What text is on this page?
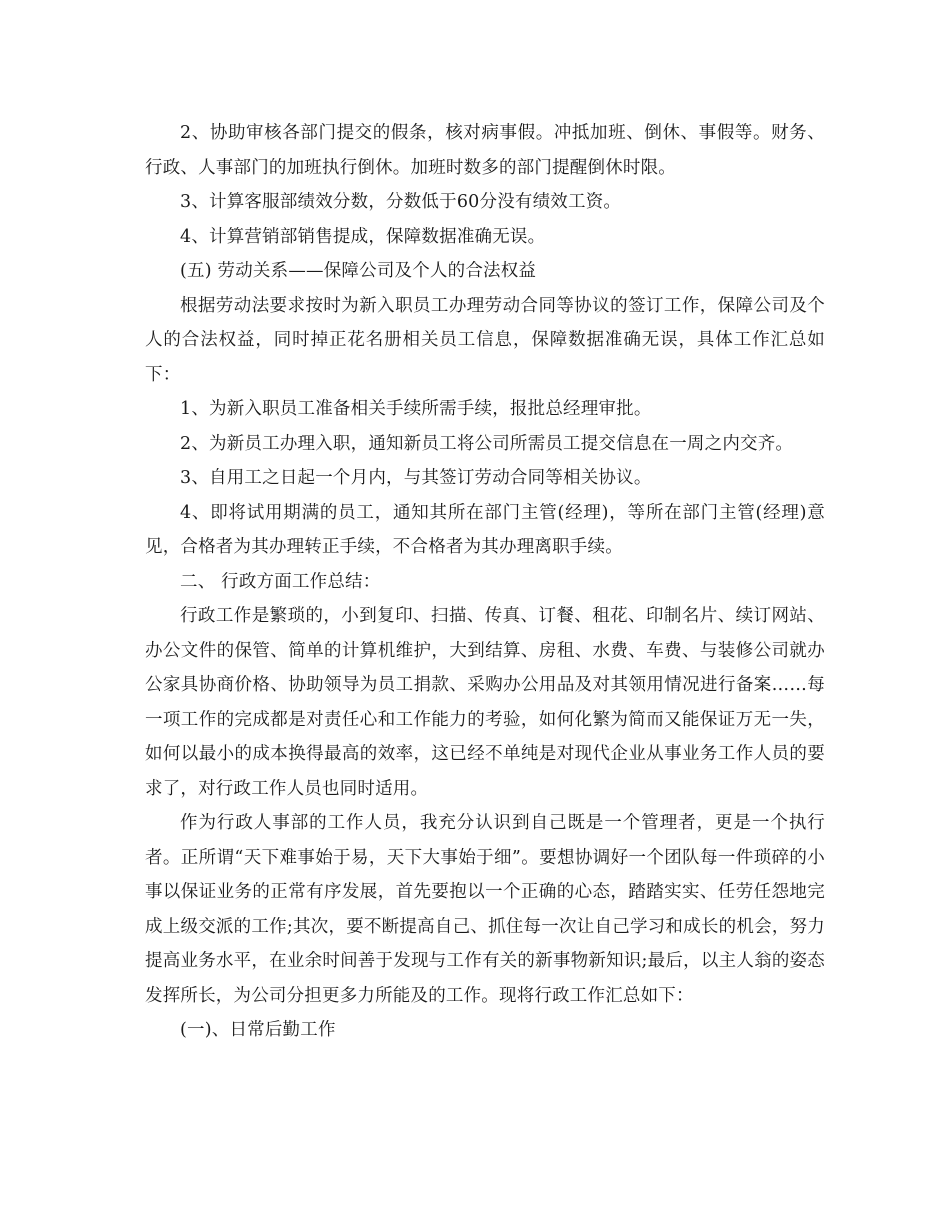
2、协助审核各部门提交的假条，核对病事假。冲抵加班、倒休、事假等。财务、行政、人事部门的加班执行倒休。加班时数多的部门提醒倒休时限。

3、计算客服部绩效分数，分数低于60分没有绩效工资。

4、计算营销部销售提成，保障数据准确无误。

(五) 劳动关系——保障公司及个人的合法权益

根据劳动法要求按时为新入职员工办理劳动合同等协议的签订工作，保障公司及个人的合法权益，同时掉正花名册相关员工信息，保障数据准确无误，具体工作汇总如下：

1、为新入职员工准备相关手续所需手续，报批总经理审批。

2、为新员工办理入职，通知新员工将公司所需员工提交信息在一周之内交齐。

3、自用工之日起一个月内，与其签订劳动合同等相关协议。

4、即将试用期满的员工，通知其所在部门主管(经理)，等所在部门主管(经理)意见，合格者为其办理转正手续，不合格者为其办理离职手续。

二、 行政方面工作总结：

行政工作是繁琐的，小到复印、扫描、传真、订餐、租花、印制名片、续订网站、办公文件的保管、简单的计算机维护，大到结算、房租、水费、车费、与装修公司就办公家具协商价格、协助领导为员工捐款、采购办公用品及对其领用情况进行备案……每一项工作的完成都是对责任心和工作能力的考验，如何化繁为简而又能保证万无一失，如何以最小的成本换得最高的效率，这已经不单纯是对现代企业从事业务工作人员的要求了，对行政工作人员也同时适用。

作为行政人事部的工作人员，我充分认识到自己既是一个管理者，更是一个执行者。正所谓“天下难事始于易，天下大事始于细”。要想协调好一个团队每一件琐碎的小事以保证业务的正常有序发展，首先要抱以一个正确的心态，踏踏实实、任劳任怨地完成上级交派的工作;其次，要不断提高自己、抓住每一次让自己学习和成长的机会，努力提高业务水平，在业余时间善于发现与工作有关的新事物新知识;最后，以主人翁的姿态发挥所长，为公司分担更多力所能及的工作。现将行政工作汇总如下：

(一)、日常后勤工作
